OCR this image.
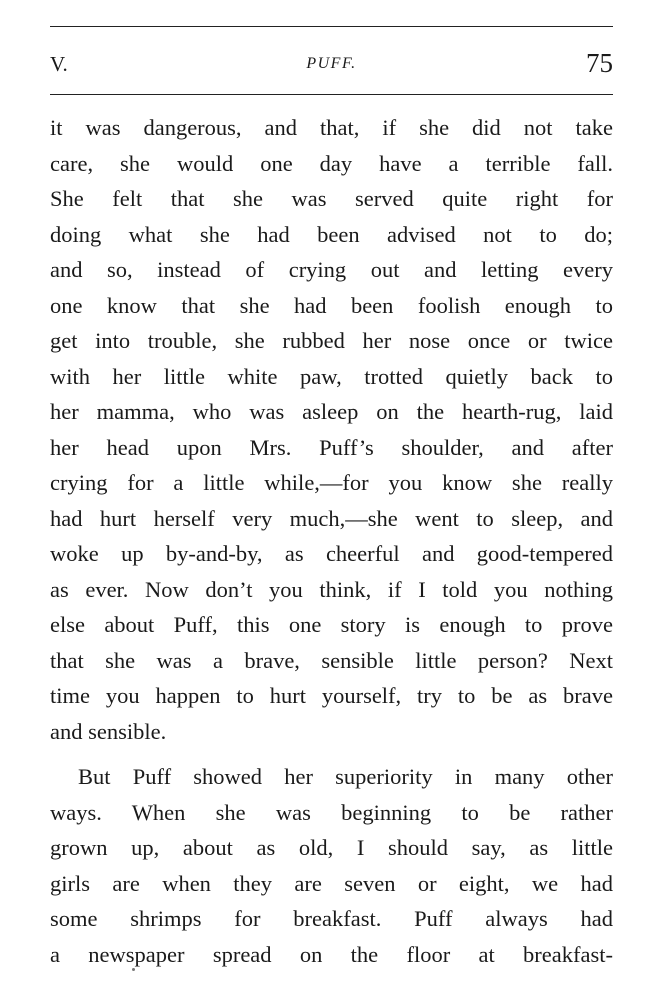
V.	PUFF.	75
it was dangerous, and that, if she did not take
care, she would one day have a terrible fall.
She felt that she was served quite right for
doing what she had been advised not to do;
and so, instead of crying out and letting every
one know that she had been foolish enough to
get into trouble, she rubbed her nose once or twice
with her little white paw, trotted quietly back to
her mamma, who was asleep on the hearth-rug, laid
her head upon Mrs. Puff’s shoulder, and after
crying for a little while,—for you know she really
had hurt herself very much,—she went to sleep, and
woke up by-and-by, as cheerful and good-tempered
as ever. Now don’t you think, if I told you nothing
else about Puff, this one story is enough to prove
that she was a brave, sensible little person? Next
time you happen to hurt yourself, try to be as brave
and sensible.
But Puff showed her superiority in many other
ways. When she was beginning to be rather
grown up, about as old, I should say, as little
girls are when they are seven or eight, we had
some shrimps for breakfast. Puff always had
a newspaper spread on the floor at breakfast-
